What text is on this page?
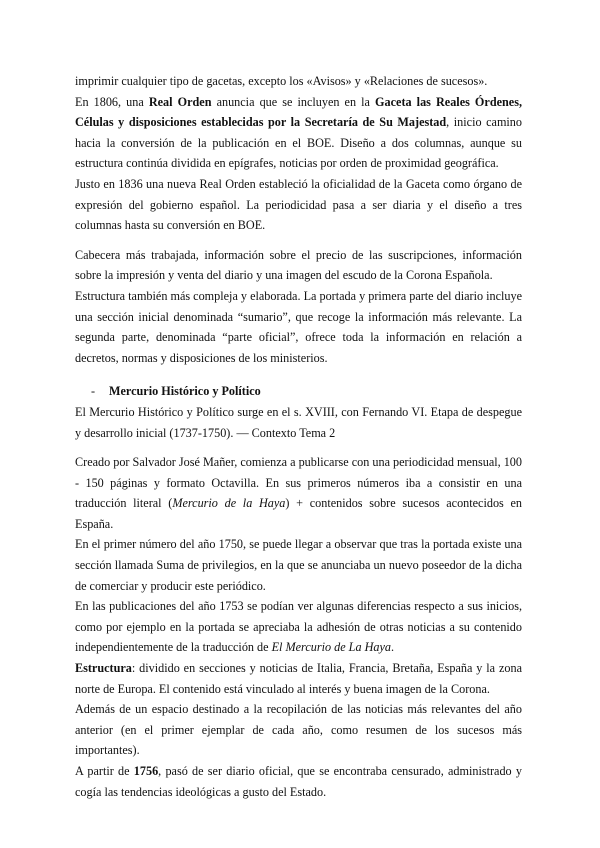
imprimir cualquier tipo de gacetas, excepto los «Avisos» y «Relaciones de sucesos».

En 1806, una Real Orden anuncia que se incluyen en la Gaceta las Reales Órdenes, Células y disposiciones establecidas por la Secretaría de Su Majestad, inicio camino hacia la conversión de la publicación en el BOE. Diseño a dos columnas, aunque su estructura continúa dividida en epígrafes, noticias por orden de proximidad geográfica.

Justo en 1836 una nueva Real Orden estableció la oficialidad de la Gaceta como órgano de expresión del gobierno español. La periodicidad pasa a ser diaria y el diseño a tres columnas hasta su conversión en BOE.

Cabecera más trabajada, información sobre el precio de las suscripciones, información sobre la impresión y venta del diario y una imagen del escudo de la Corona Española.

Estructura también más compleja y elaborada. La portada y primera parte del diario incluye una sección inicial denominada “sumario”, que recoge la información más relevante. La segunda parte, denominada “parte oficial”, ofrece toda la información en relación a decretos, normas y disposiciones de los ministerios.

- Mercurio Histórico y Político

El Mercurio Histórico y Político surge en el s. XVIII, con Fernando VI. Etapa de despegue y desarrollo inicial (1737-1750). — Contexto Tema 2

Creado por Salvador José Mañer, comienza a publicarse con una periodicidad mensual, 100 - 150 páginas y formato Octavilla. En sus primeros números iba a consistir en una traducción literal (Mercurio de la Haya) + contenidos sobre sucesos acontecidos en España.

En el primer número del año 1750, se puede llegar a observar que tras la portada existe una sección llamada Suma de privilegios, en la que se anunciaba un nuevo poseedor de la dicha de comerciar y producir este periódico.

En las publicaciones del año 1753 se podían ver algunas diferencias respecto a sus inicios, como por ejemplo en la portada se apreciaba la adhesión de otras noticias a su contenido independientemente de la traducción de El Mercurio de La Haya.

Estructura: dividido en secciones y noticias de Italia, Francia, Bretaña, España y la zona norte de Europa. El contenido está vinculado al interés y buena imagen de la Corona.

Además de un espacio destinado a la recopilación de las noticias más relevantes del año anterior (en el primer ejemplar de cada año, como resumen de los sucesos más importantes).

A partir de 1756, pasó de ser diario oficial, que se encontraba censurado, administrado y cogía las tendencias ideológicas a gusto del Estado.
